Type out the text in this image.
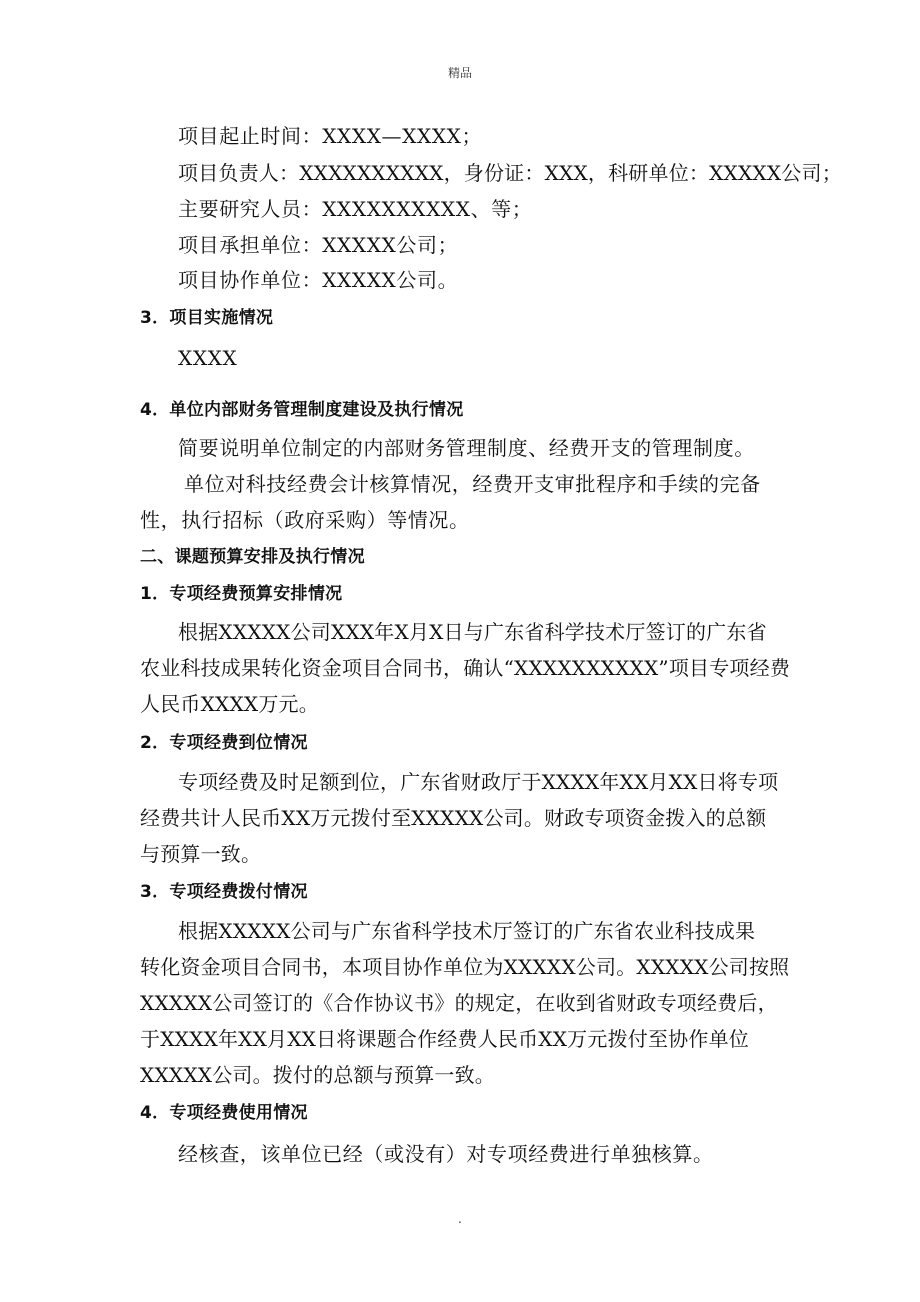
精品
项目起止时间：XXXX—XXXX；
项目负责人：XXXXXXXXXX，身份证：XXX，科研单位：XXXXX公司；
主要研究人员：XXXXXXXXXX、等；
项目承担单位：XXXXX公司；
项目协作单位：XXXXX公司。
3．项目实施情况
XXXX
4．单位内部财务管理制度建设及执行情况
简要说明单位制定的内部财务管理制度、经费开支的管理制度。
单位对科技经费会计核算情况，经费开支审批程序和手续的完备
性，执行招标（政府采购）等情况。
二、课题预算安排及执行情况
1．专项经费预算安排情况
根据XXXXX公司XXX年X月X日与广东省科学技术厅签订的广东省
农业科技成果转化资金项目合同书，确认“XXXXXXXXXX”项目专项经费
人民币XXXX万元。
2．专项经费到位情况
专项经费及时足额到位，广东省财政厅于XXXX年XX月XX日将专项
经费共计人民币XX万元拨付至XXXXX公司。财政专项资金拨入的总额
与预算一致。
3．专项经费拨付情况
根据XXXXX公司与广东省科学技术厅签订的广东省农业科技成果
转化资金项目合同书，本项目协作单位为XXXXX公司。XXXXX公司按照
XXXXX公司签订的《合作协议书》的规定，在收到省财政专项经费后，
于XXXX年XX月XX日将课题合作经费人民币XX万元拨付至协作单位
XXXXX公司。拨付的总额与预算一致。
4．专项经费使用情况
经核查，该单位已经（或没有）对专项经费进行单独核算。
.
